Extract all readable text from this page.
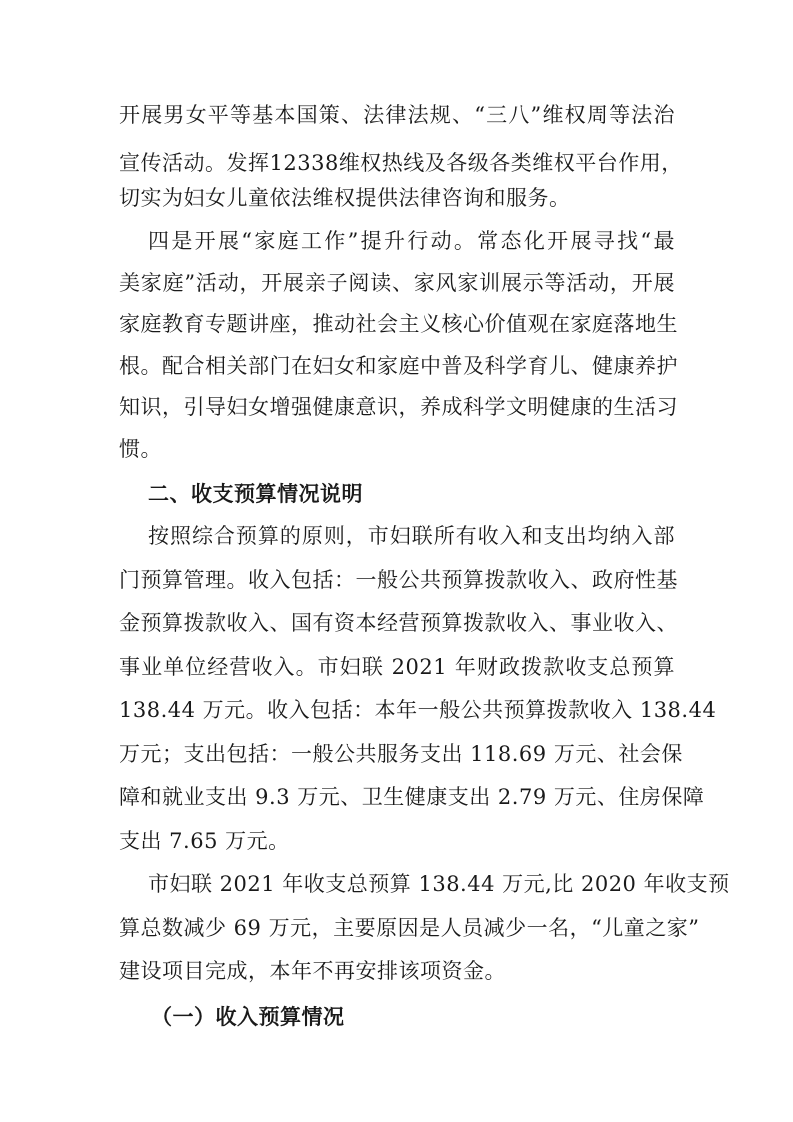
开展男女平等基本国策、法律法规、“三八”维权周等法治
宣传活动。发挥12338维权热线及各级各类维权平台作用，
切实为妇女儿童依法维权提供法律咨询和服务。
四是开展“家庭工作”提升行动。常态化开展寻找“最
美家庭”活动，开展亲子阅读、家风家训展示等活动，开展
家庭教育专题讲座，推动社会主义核心价值观在家庭落地生
根。配合相关部门在妇女和家庭中普及科学育儿、健康养护
知识，引导妇女增强健康意识，养成科学文明健康的生活习
惯。
二、收支预算情况说明
按照综合预算的原则，市妇联所有收入和支出均纳入部
门预算管理。收入包括：一般公共预算拨款收入、政府性基
金预算拨款收入、国有资本经营预算拨款收入、事业收入、
事业单位经营收入。市妇联 2021 年财政拨款收支总预算
138.44 万元。收入包括：本年一般公共预算拨款收入 138.44
万元；支出包括：一般公共服务支出 118.69 万元、社会保
障和就业支出 9.3 万元、卫生健康支出 2.79 万元、住房保障
支出 7.65 万元。
市妇联 2021 年收支总预算 138.44 万元,比 2020 年收支预
算总数减少 69 万元，主要原因是人员减少一名，“儿童之家”
建设项目完成，本年不再安排该项资金。
（一）收入预算情况
